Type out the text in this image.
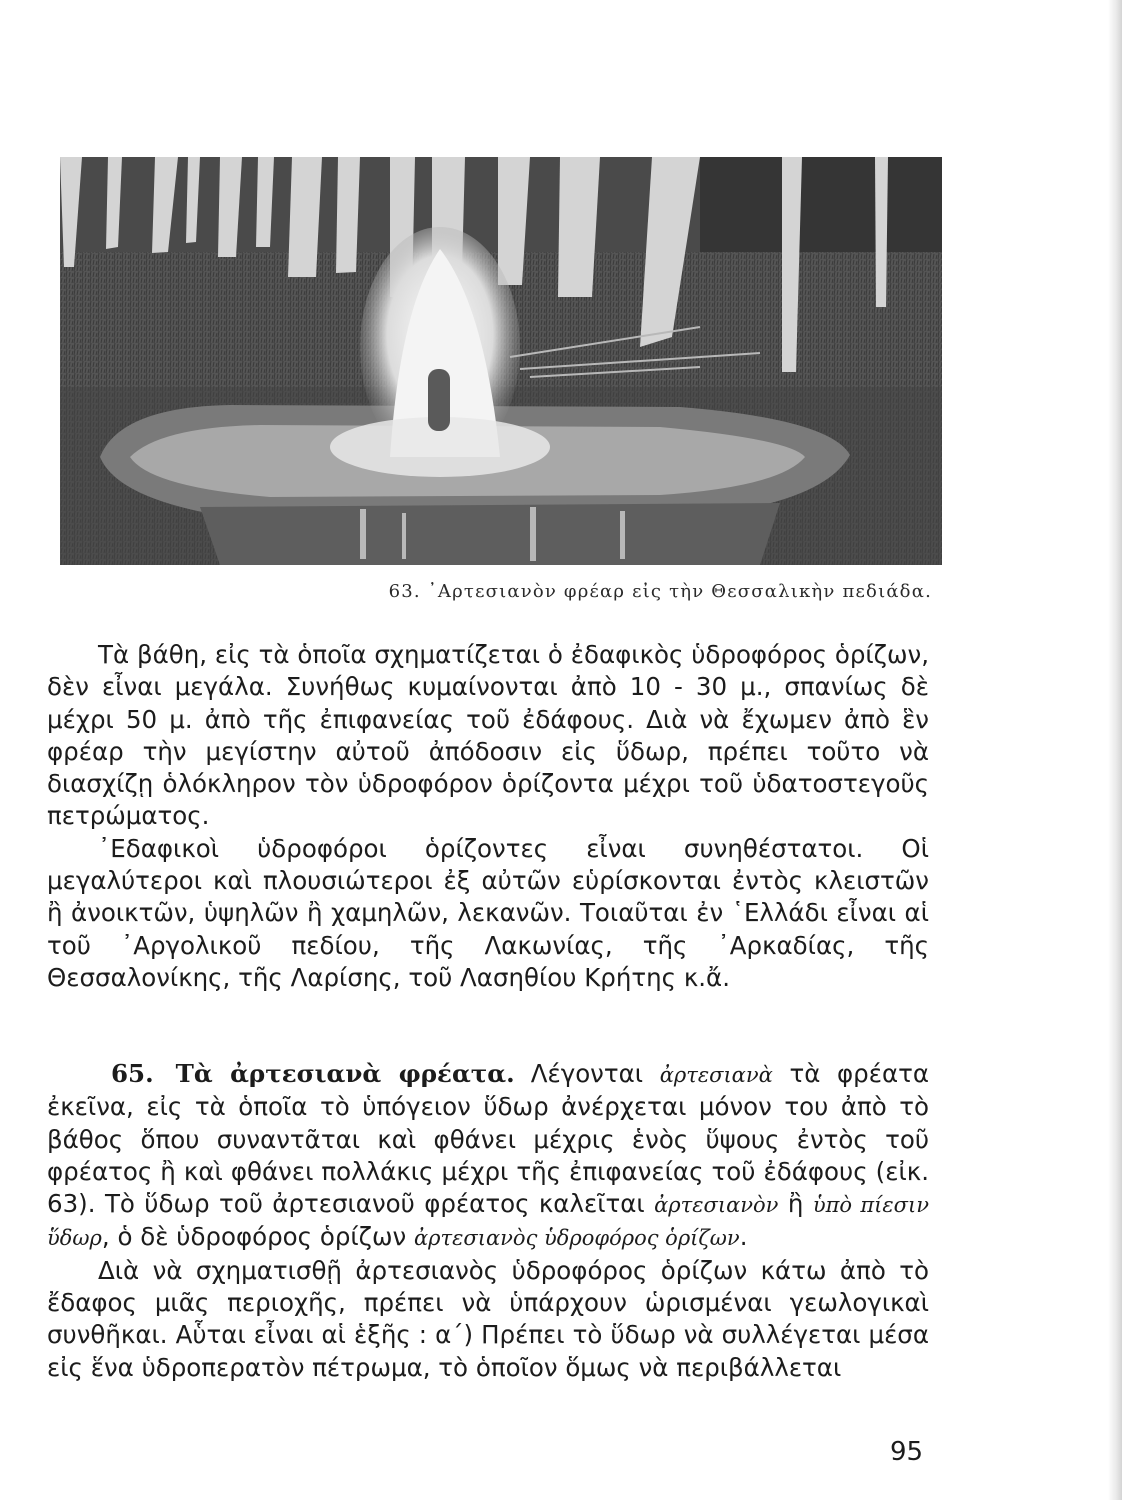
63. ᾿Αρτεσιανὸν φρέαρ εἰς τὴν Θεσσαλικὴν πεδιάδα.

Τὰ βάθη, εἰς τὰ ὁποῖα σχηματίζεται ὁ ἐδαφικὸς ὑδροφόρος ὁρίζων, δὲν εἶναι μεγάλα. Συνήθως κυμαίνονται ἀπὸ 10 - 30 μ., σπανίως δὲ μέχρι 50 μ. ἀπὸ τῆς ἐπιφανείας τοῦ ἐδάφους. Διὰ νὰ ἔχωμεν ἀπὸ ἓν φρέαρ τὴν μεγίστην αὐτοῦ ἀπόδοσιν εἰς ὕδωρ, πρέπει τοῦτο νὰ διασχίζῃ ὁλόκληρον τὸν ὑδροφόρον ὁρίζοντα μέχρι τοῦ ὑδατοστεγοῦς πετρώματος.

᾿Εδαφικοὶ ὑδροφόροι ὁρίζοντες εἶναι συνηθέστατοι. Οἱ μεγαλύτεροι καὶ πλουσιώτεροι ἐξ αὐτῶν εὑρίσκονται ἐντὸς κλειστῶν ἢ ἀνοικτῶν, ὑψηλῶν ἢ χαμηλῶν, λεκανῶν. Τοιαῦται ἐν ῾Ελλάδι εἶναι αἱ τοῦ ᾿Αργολικοῦ πεδίου, τῆς Λακωνίας, τῆς ᾿Αρκαδίας, τῆς Θεσσαλονίκης, τῆς Λαρίσης, τοῦ Λασηθίου Κρήτης κ.ἄ.

65. Τὰ ἀρτεσιανὰ φρέατα. Λέγονται ἀρτεσιανὰ τὰ φρέατα ἐκεῖνα, εἰς τὰ ὁποῖα τὸ ὑπόγειον ὕδωρ ἀνέρχεται μόνον του ἀπὸ τὸ βάθος ὅπου συναντᾶται καὶ φθάνει μέχρις ἑνὸς ὕψους ἐντὸς τοῦ φρέατος ἢ καὶ φθάνει πολλάκις μέχρι τῆς ἐπιφανείας τοῦ ἐδάφους (εἰκ. 63). Τὸ ὕδωρ τοῦ ἀρτεσιανοῦ φρέατος καλεῖται ἀρτεσιανὸν ἢ ὑπὸ πίεσιν ὕδωρ, ὁ δὲ ὑδροφόρος ὁρίζων ἀρτεσιανὸς ὑδροφόρος ὁρίζων.

Διὰ νὰ σχηματισθῇ ἀρτεσιανὸς ὑδροφόρος ὁρίζων κάτω ἀπὸ τὸ ἔδαφος μιᾶς περιοχῆς, πρέπει νὰ ὑπάρχουν ὡρισμέναι γεωλογικαὶ συνθῆκαι. Αὗται εἶναι αἱ ἑξῆς : α΄) Πρέπει τὸ ὕδωρ νὰ συλλέγεται μέσα εἰς ἕνα ὑδροπερατὸν πέτρωμα, τὸ ὁποῖον ὅμως νὰ περιβάλλεται

95
